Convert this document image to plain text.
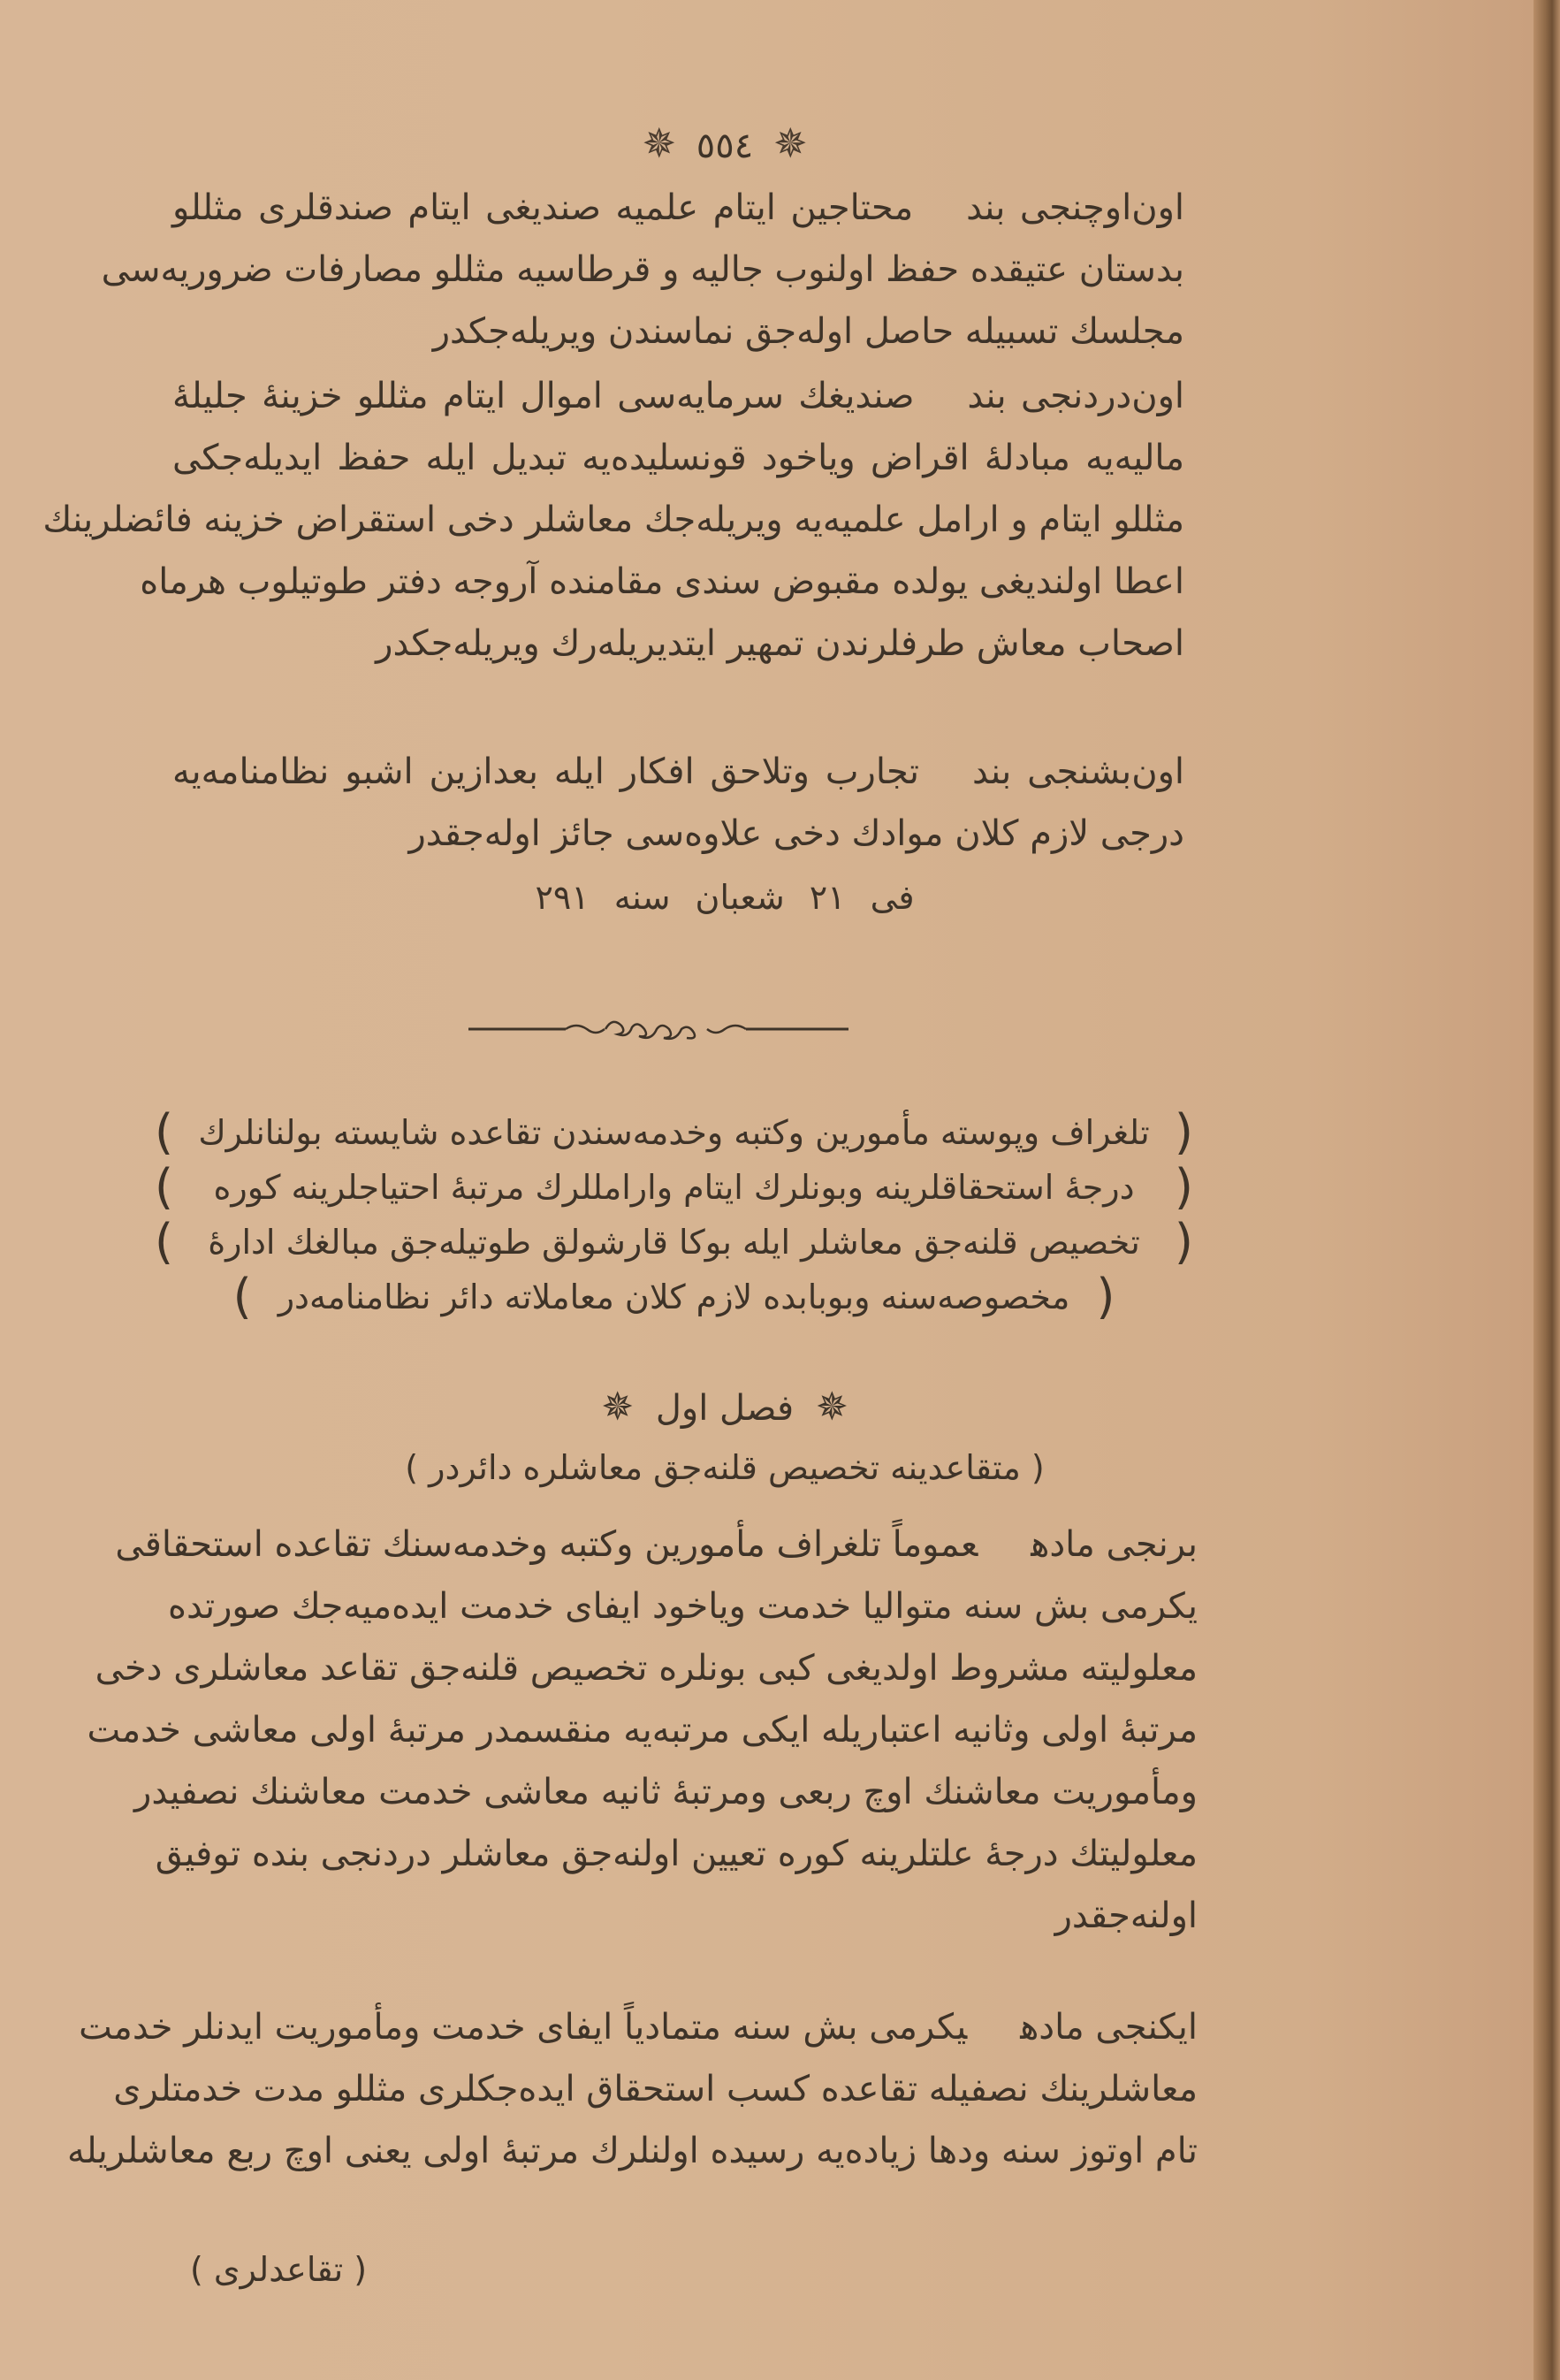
✵ ٥٥٤ ✵
اون‌اوچنجی بندمحتاجین ایتام علمیه صندیغی ایتام صندقلری مثللو
بدستان عتیقده حفظ اولنوب جالیه و قرطاسیه مثللو مصارفات ضروریه‌سی
مجلسك تسبیله حاصل اوله‌جق نماسندن ویریله‌جکدر
اون‌دردنجی بندصندیغك سرمایه‌سی اموال ایتام مثللو خزینهٔ جلیلهٔ
مالیه‌یه مبادلهٔ اقراض ویاخود قونسلیده‌یه تبدیل ایله حفظ ایدیله‌جکی
مثللو ایتام و ارامل علمیه‌یه ویریله‌جك معاشلر دخی استقراض خزینه فائضلرینك
اعطا اولندیغی یولده مقبوض سندی مقامنده آروجه دفتر طوتیلوب هرماه
اصحاب معاش طرفلرندن تمهیر ایتدیریله‌رك ویریله‌جکدر
اون‌بشنجی بندتجارب وتلاحق افکار ایله بعدازین اشبو نظامنامه‌یه
درجی لازم کلان موادك دخی علاوه‌سی جائز اوله‌جقدر
فی ٢١ شعبان سنه ٢٩١
) تلغراف وپوسته مأمورین وکتبه وخدمه‌سندن تقاعده شایسته بولنانلرك (
) درجهٔ استحقاقلرینه وبونلرك ایتام وارامللرك مرتبهٔ احتیاجلرینه کوره (
) تخصیص قلنه‌جق معاشلر ایله بوکا قارشولق طوتیله‌جق مبالغك ادارهٔ (
) مخصوصه‌سنه وبوبابده لازم کلان معاملاته دائر نظامنامه‌در (
✵ فصل اول ✵
( متقاعدینه تخصیص قلنه‌جق معاشلره دائردر )
برنجی مادهعموماً تلغراف مأمورین وکتبه وخدمه‌سنك تقاعده استحقاقی
یکرمی بش سنه متوالیا خدمت ویاخود ایفای خدمت ایده‌میه‌جك صورتده
معلولیته مشروط اولدیغی کبی بونلره تخصیص قلنه‌جق تقاعد معاشلری دخی
مرتبهٔ اولی وثانیه اعتباریله ایکی مرتبه‌یه منقسمدر مرتبهٔ اولی معاشی خدمت
ومأموریت معاشنك اوچ ربعی ومرتبهٔ ثانیه معاشی خدمت معاشنك نصفیدر
معلولیتك درجهٔ علتلرینه کوره تعیین اولنه‌جق معاشلر دردنجی بنده توفیق
اولنه‌جقدر
ایکنجی مادهیکرمی بش سنه متمادیاً ایفای خدمت ومأموریت ایدنلر خدمت
معاشلرینك نصفیله تقاعده کسب استحقاق ایده‌جکلری مثللو مدت خدمتلری
تام اوتوز سنه ودها زیاده‌یه رسیده اولنلرك مرتبهٔ اولی یعنی اوچ ربع معاشلریله
( تقاعدلری )
